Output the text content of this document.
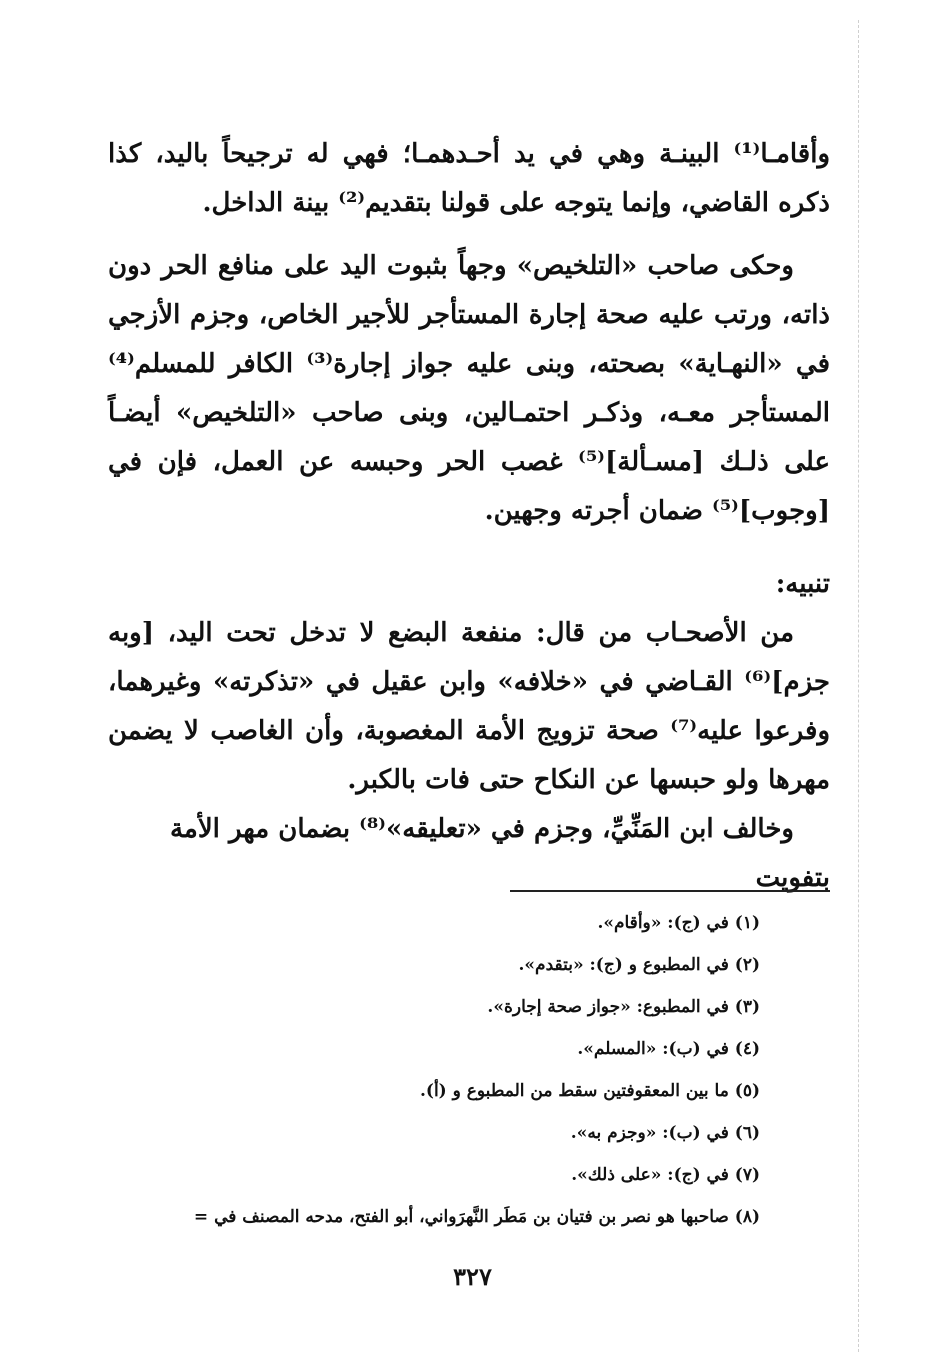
وأقامـا⁽¹⁾ البينـة وهي في يد أحـدهمـا؛ فهي له ترجيحاً باليد، كذا ذكره القاضي، وإنما يتوجه على قولنا بتقديم⁽²⁾ بينة الداخل.

وحكى صاحب «التلخيص» وجهاً بثبوت اليد على منافع الحر دون ذاته، ورتب عليه صحة إجارة المستأجر للأجير الخاص، وجزم الأزجي في «النهـاية» بصحته، وبنى عليه جواز إجارة⁽³⁾ الكافر للمسلم⁽⁴⁾ المستأجر معـه، وذكـر احتمـالين، وبنى صاحب «التلخيص» أيضـاً على ذلـك [مسـألة]⁽⁵⁾ غصب الحر وحبسه عن العمل، فإن في [وجوب]⁽⁵⁾ ضمان أجرته وجهين.

تنبيه:

من الأصحـاب من قال: منفعة البضع لا تدخل تحت اليد، [وبه جزم]⁽⁶⁾ القـاضي في «خلافه» وابن عقيل في «تذكرته» وغيرهما، وفرعوا عليه⁽⁷⁾ صحة تزويج الأمة المغصوبة، وأن الغاصب لا يضمن مهرها ولو حبسها عن النكاح حتى فات بالكبر.

وخالف ابن المَنِّيِّ، وجزم في «تعليقه»⁽⁸⁾ بضمان مهر الأمة بتفويت

(١) في (ج): «وأقام».
(٢) في المطبوع و (ج): «بتقدم».
(٣) في المطبوع: «جواز صحة إجارة».
(٤) في (ب): «المسلم».
(٥) ما بين المعقوفتين سقط من المطبوع و (أ).
(٦) في (ب): «وجزم به».
(٧) في (ج): «على ذلك».
(٨) صاحبها هو نصر بن فتيان بن مَطَر النَّهرَواني، أبو الفتح، مدحه المصنف في =
٣٢٧
